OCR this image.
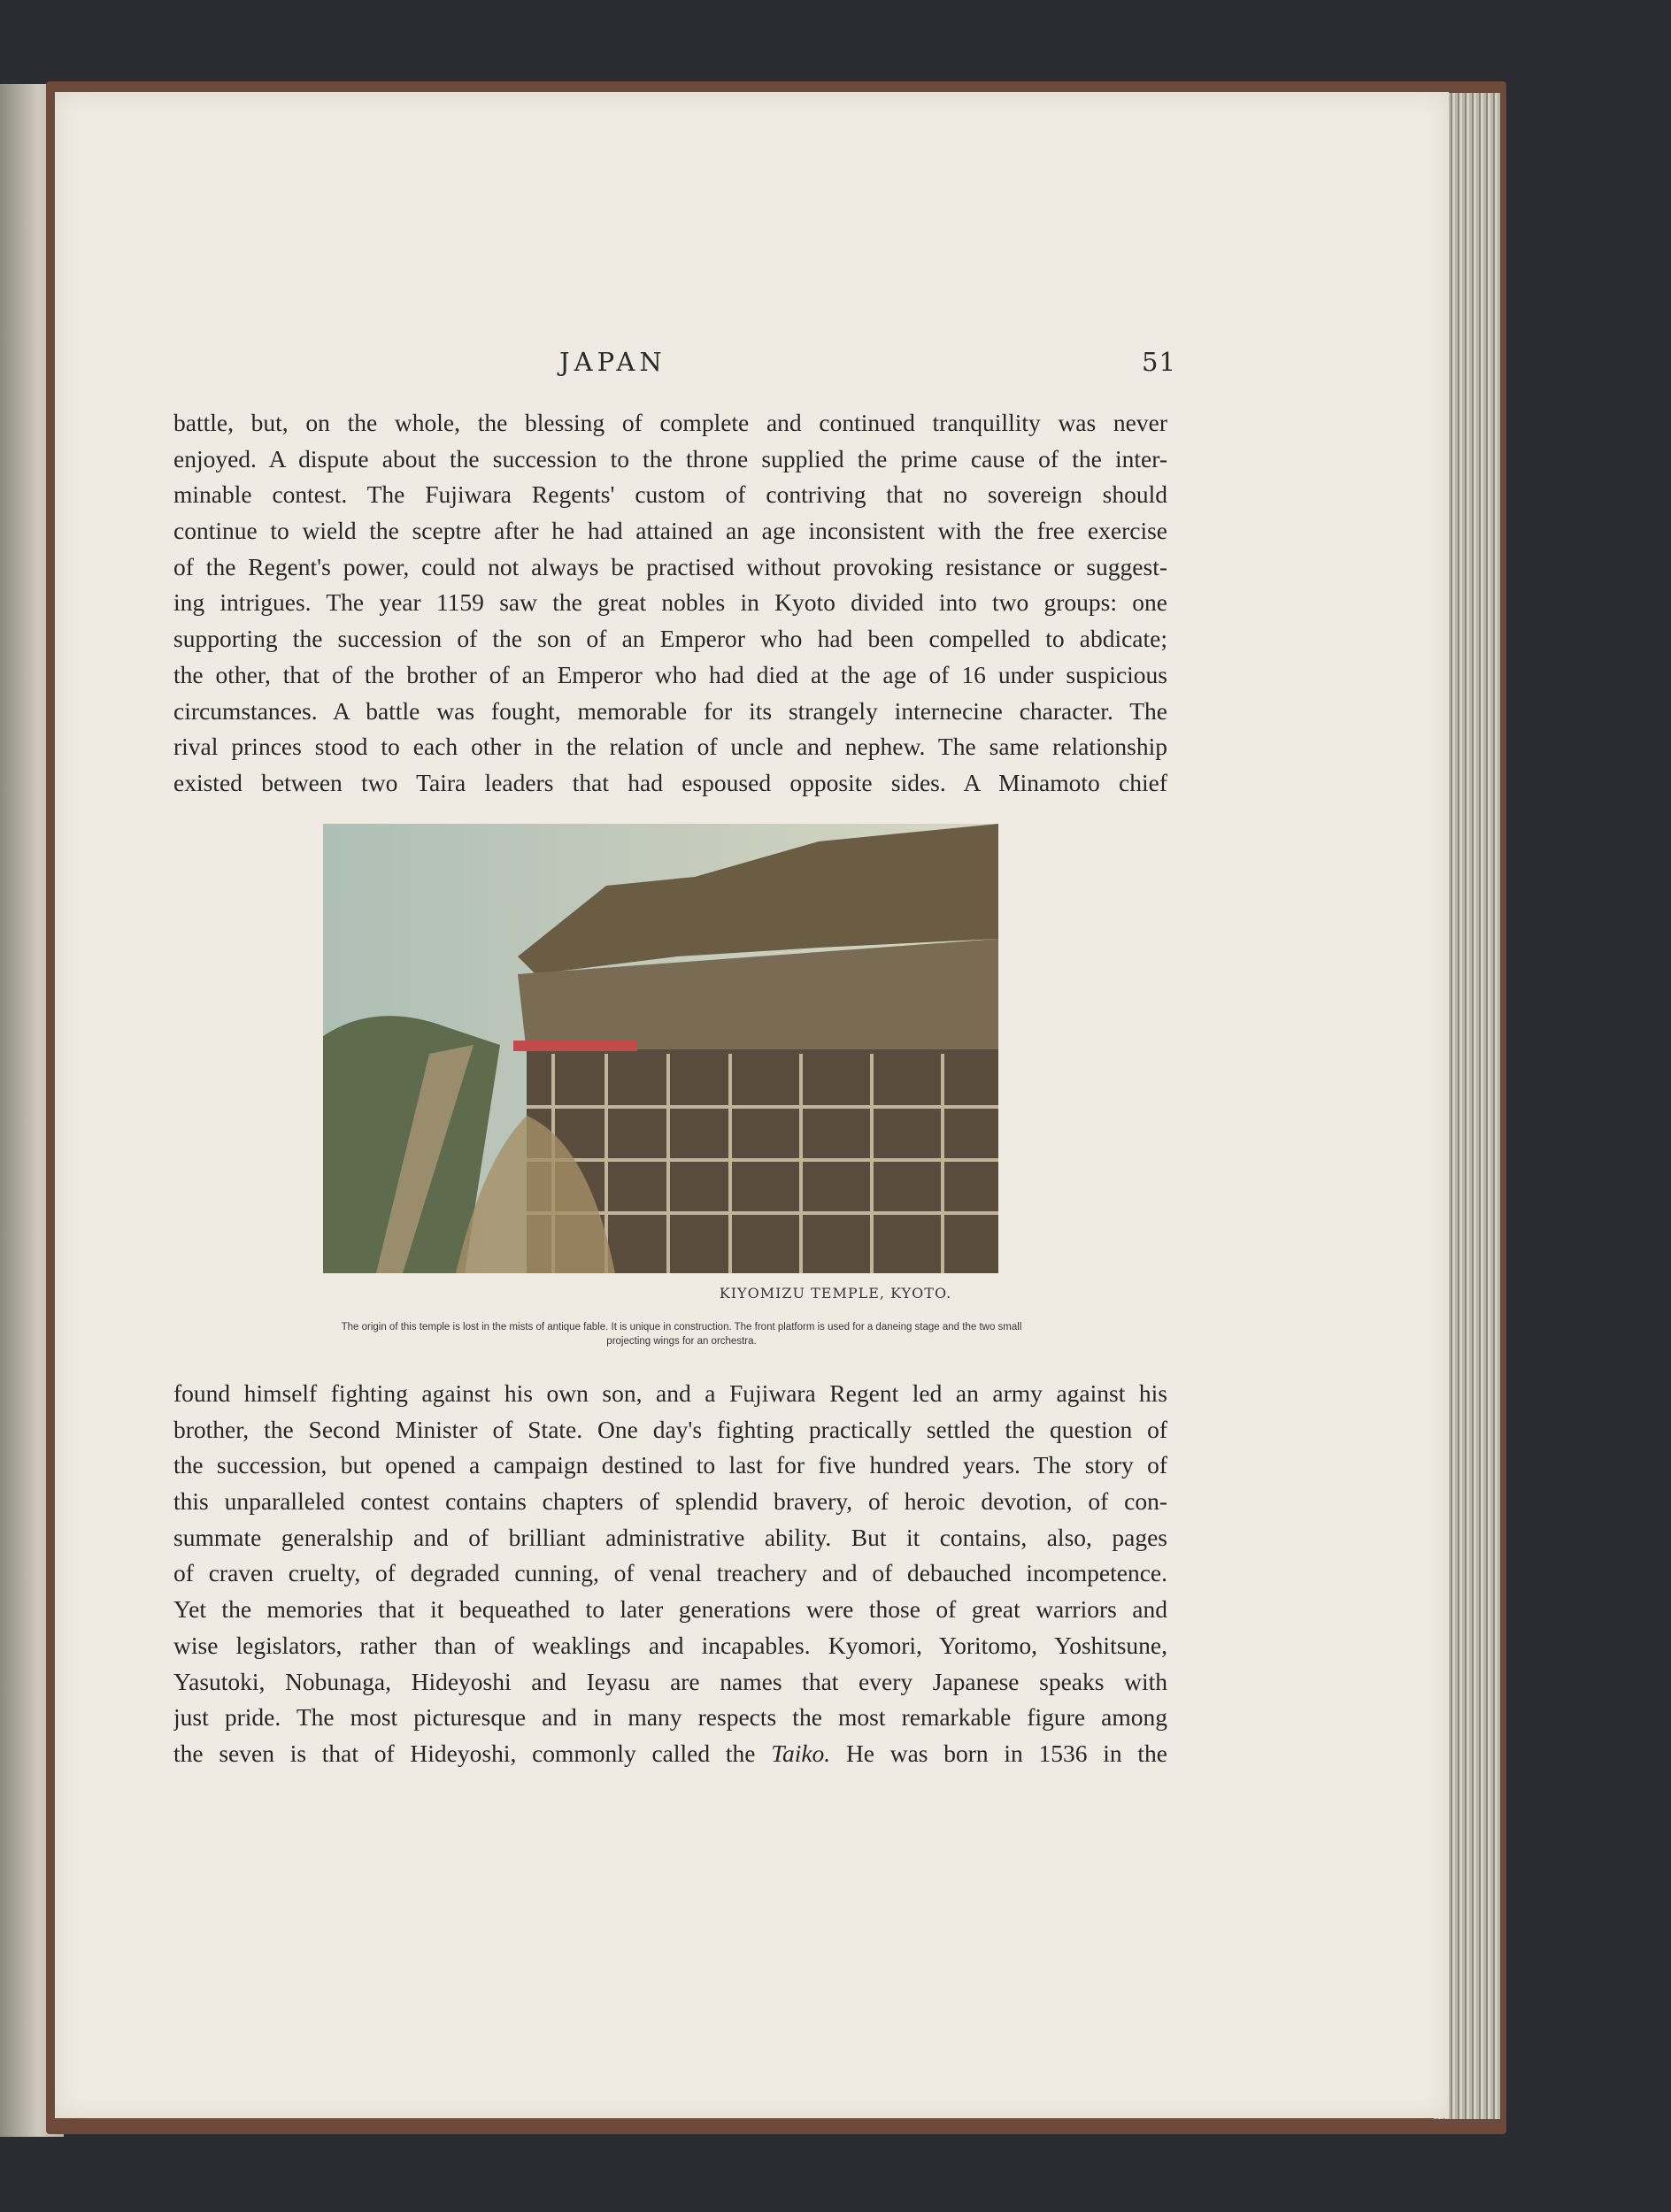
JAPAN	51
battle, but, on the whole, the blessing of complete and continued tranquillity was never
enjoyed. A dispute about the succession to the throne supplied the prime cause of the inter-
minable contest. The Fujiwara Regents' custom of contriving that no sovereign should
continue to wield the sceptre after he had attained an age inconsistent with the free exercise
of the Regent's power, could not always be practised without provoking resistance or suggest-
ing intrigues. The year 1159 saw the great nobles in Kyoto divided into two groups: one
supporting the succession of the son of an Emperor who had been compelled to abdicate;
the other, that of the brother of an Emperor who had died at the age of 16 under suspicious
circumstances. A battle was fought, memorable for its strangely internecine character. The
rival princes stood to each other in the relation of uncle and nephew. The same relationship
existed between two Taira leaders that had espoused opposite sides. A Minamoto chief
KIYOMIZU TEMPLE, KYOTO.
The origin of this temple is lost in the mists of antique fable. It is unique in construction. The front platform is used for a daneing stage and the two small projecting wings for an orchestra.
found himself fighting against his own son, and a Fujiwara Regent led an army against his
brother, the Second Minister of State. One day's fighting practically settled the question of
the succession, but opened a campaign destined to last for five hundred years. The story of
this unparalleled contest contains chapters of splendid bravery, of heroic devotion, of con-
summate generalship and of brilliant administrative ability. But it contains, also, pages
of craven cruelty, of degraded cunning, of venal treachery and of debauched incompetence.
Yet the memories that it bequeathed to later generations were those of great warriors and
wise legislators, rather than of weaklings and incapables. Kyomori, Yoritomo, Yoshitsune,
Yasutoki, Nobunaga, Hideyoshi and Ieyasu are names that every Japanese speaks with
just pride. The most picturesque and in many respects the most remarkable figure among
the seven is that of Hideyoshi, commonly called the Taiko. He was born in 1536 in the
